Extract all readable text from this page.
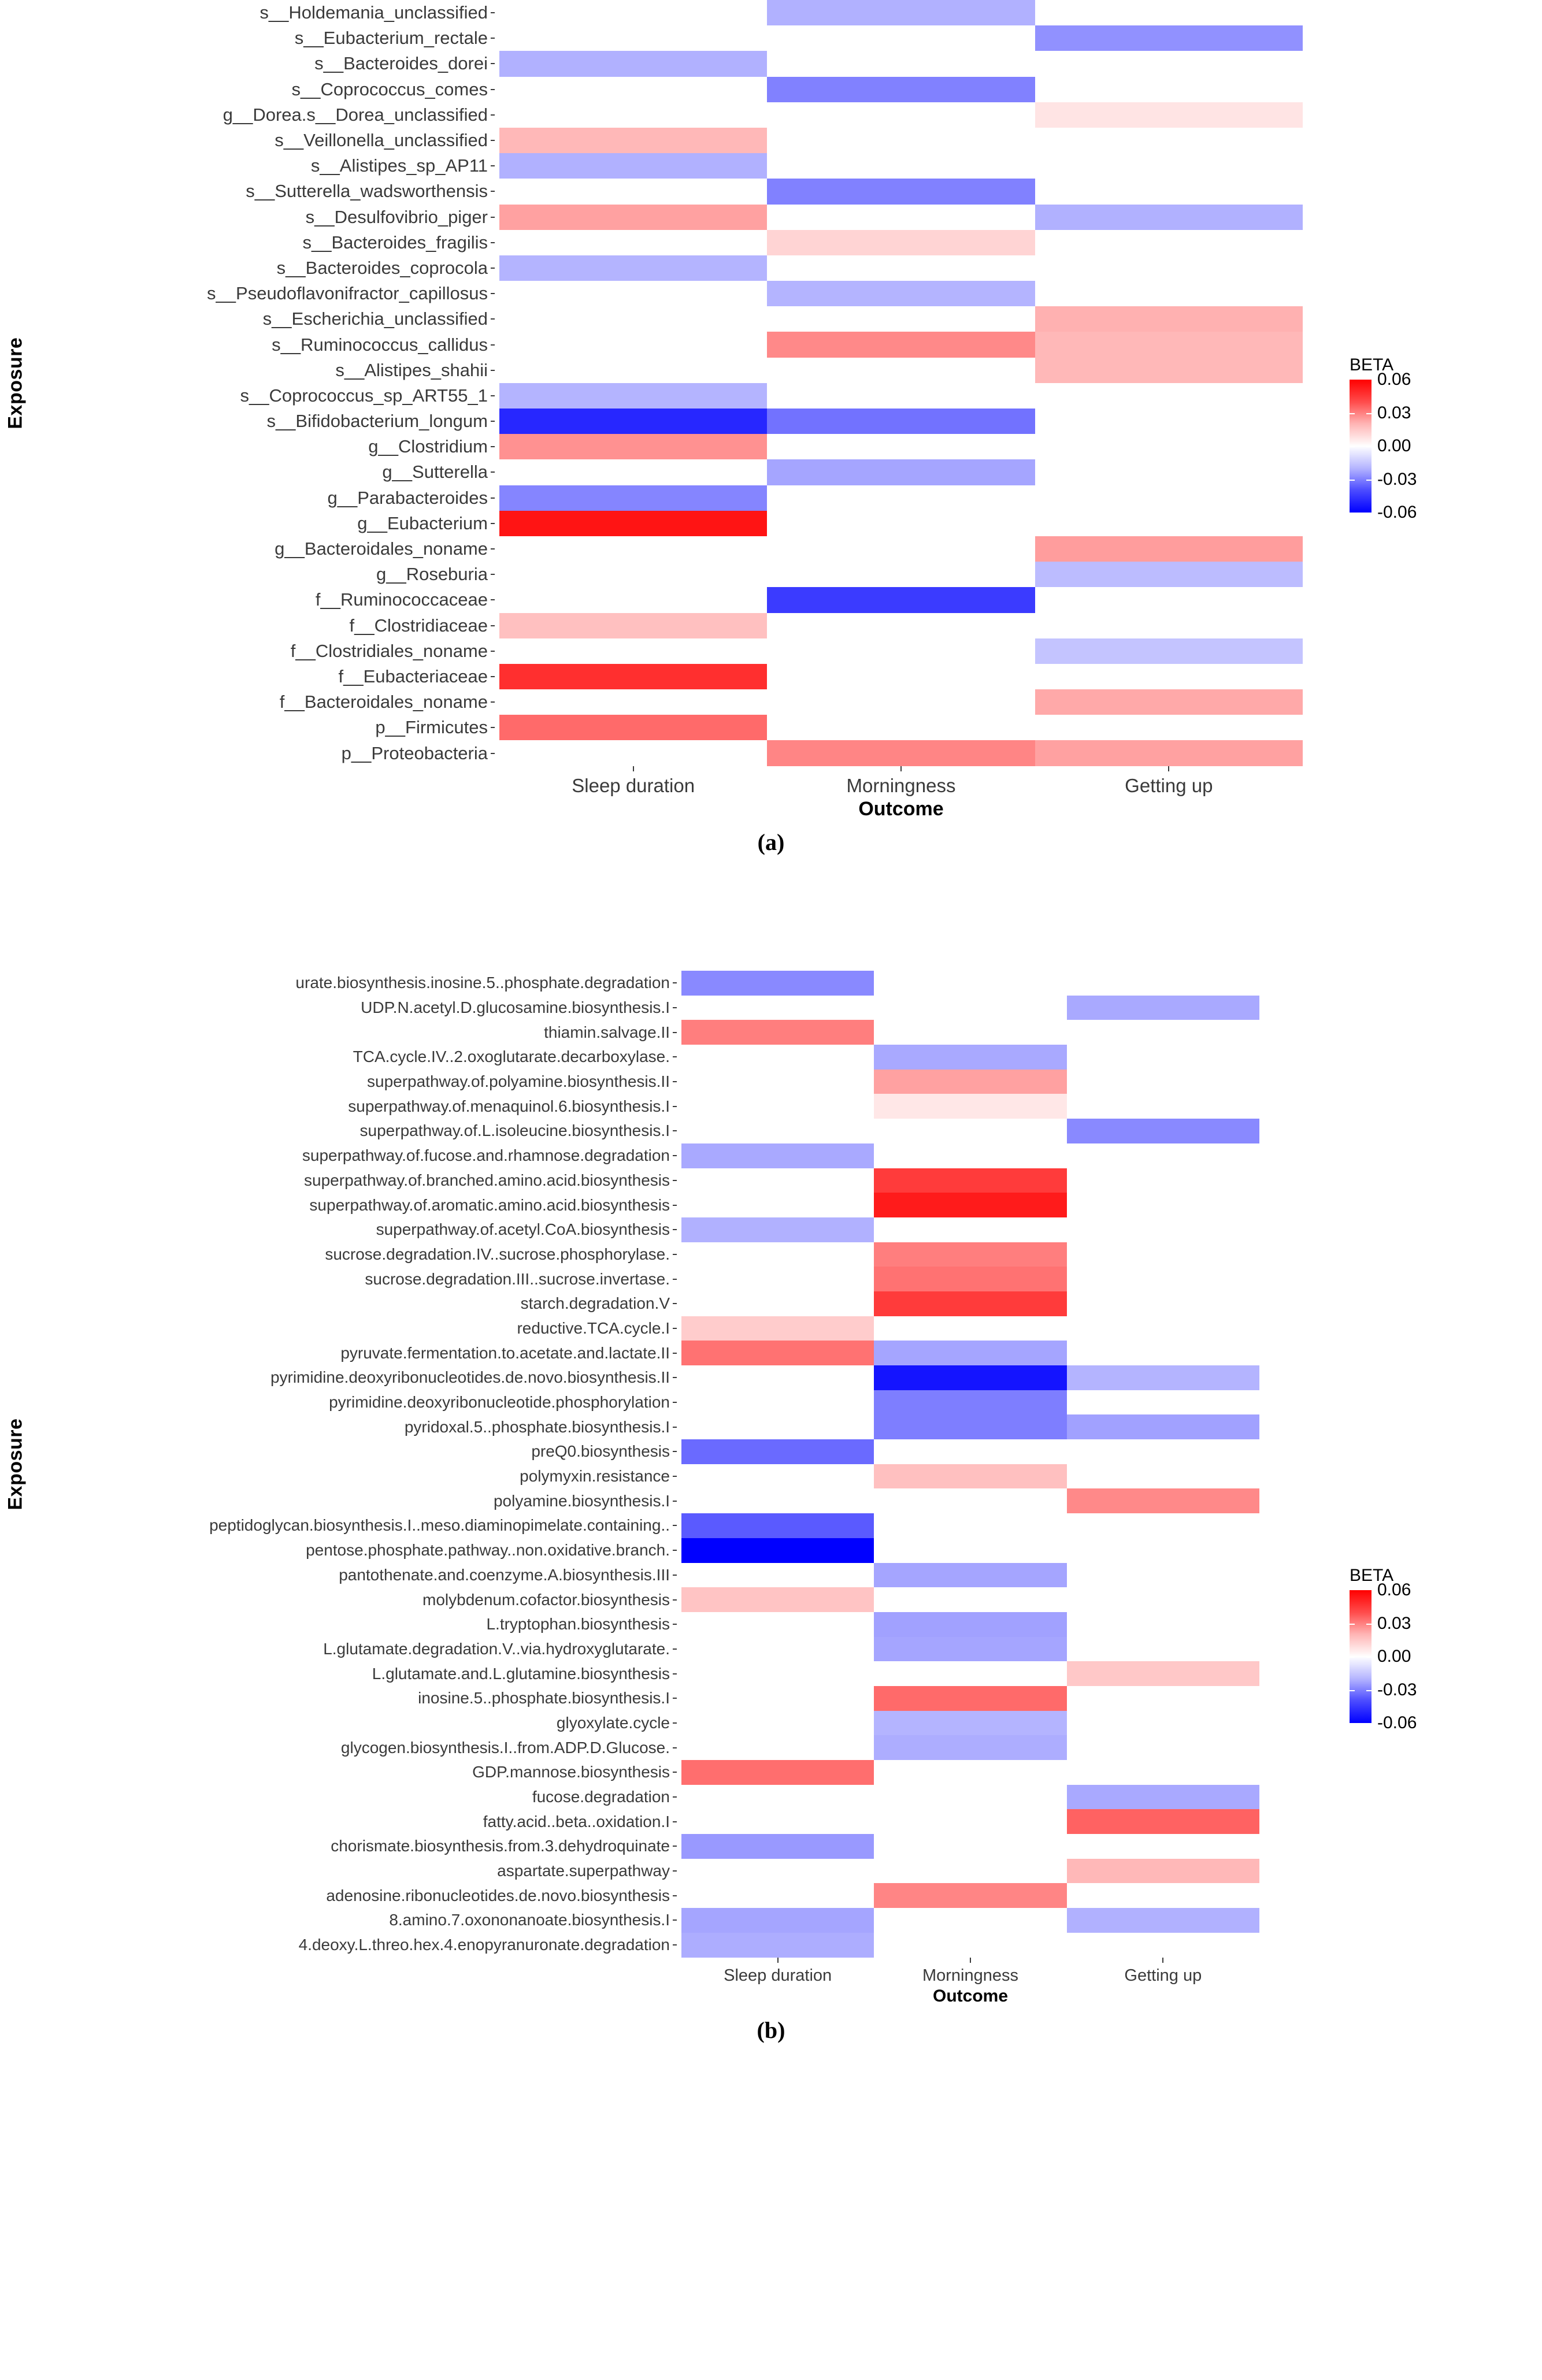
Exposure
s__Holdemania_unclassified
s__Eubacterium_rectale
s__Bacteroides_dorei
s__Coprococcus_comes
g__Dorea.s__Dorea_unclassified
s__Veillonella_unclassified
s__Alistipes_sp_AP11
s__Sutterella_wadsworthensis
s__Desulfovibrio_piger
s__Bacteroides_fragilis
s__Bacteroides_coprocola
s__Pseudoflavonifractor_capillosus
s__Escherichia_unclassified
s__Ruminococcus_callidus
s__Alistipes_shahii
s__Coprococcus_sp_ART55_1
s__Bifidobacterium_longum
g__Clostridium
g__Sutterella
g__Parabacteroides
g__Eubacterium
g__Bacteroidales_noname
g__Roseburia
f__Ruminococcaceae
f__Clostridiaceae
f__Clostridiales_noname
f__Eubacteriaceae
f__Bacteroidales_noname
p__Firmicutes
p__Proteobacteria
Sleep duration	Morningness	Getting up
Outcome
BETA
0.06
0.03
0.00
-0.03
-0.06
(a)
Exposure
urate.biosynthesis.inosine.5..phosphate.degradation
UDP.N.acetyl.D.glucosamine.biosynthesis.I
thiamin.salvage.II
TCA.cycle.IV..2.oxoglutarate.decarboxylase.
superpathway.of.polyamine.biosynthesis.II
superpathway.of.menaquinol.6.biosynthesis.I
superpathway.of.L.isoleucine.biosynthesis.I
superpathway.of.fucose.and.rhamnose.degradation
superpathway.of.branched.amino.acid.biosynthesis
superpathway.of.aromatic.amino.acid.biosynthesis
superpathway.of.acetyl.CoA.biosynthesis
sucrose.degradation.IV..sucrose.phosphorylase.
sucrose.degradation.III..sucrose.invertase.
starch.degradation.V
reductive.TCA.cycle.I
pyruvate.fermentation.to.acetate.and.lactate.II
pyrimidine.deoxyribonucleotides.de.novo.biosynthesis.II
pyrimidine.deoxyribonucleotide.phosphorylation
pyridoxal.5..phosphate.biosynthesis.I
preQ0.biosynthesis
polymyxin.resistance
polyamine.biosynthesis.I
peptidoglycan.biosynthesis.I..meso.diaminopimelate.containing..
pentose.phosphate.pathway..non.oxidative.branch.
pantothenate.and.coenzyme.A.biosynthesis.III
molybdenum.cofactor.biosynthesis
L.tryptophan.biosynthesis
L.glutamate.degradation.V..via.hydroxyglutarate.
L.glutamate.and.L.glutamine.biosynthesis
inosine.5..phosphate.biosynthesis.I
glyoxylate.cycle
glycogen.biosynthesis.I..from.ADP.D.Glucose.
GDP.mannose.biosynthesis
fucose.degradation
fatty.acid..beta..oxidation.I
chorismate.biosynthesis.from.3.dehydroquinate
aspartate.superpathway
adenosine.ribonucleotides.de.novo.biosynthesis
8.amino.7.oxononanoate.biosynthesis.I
4.deoxy.L.threo.hex.4.enopyranuronate.degradation
Sleep duration	Morningness	Getting up
Outcome
BETA
0.06
0.03
0.00
-0.03
-0.06
(b)
